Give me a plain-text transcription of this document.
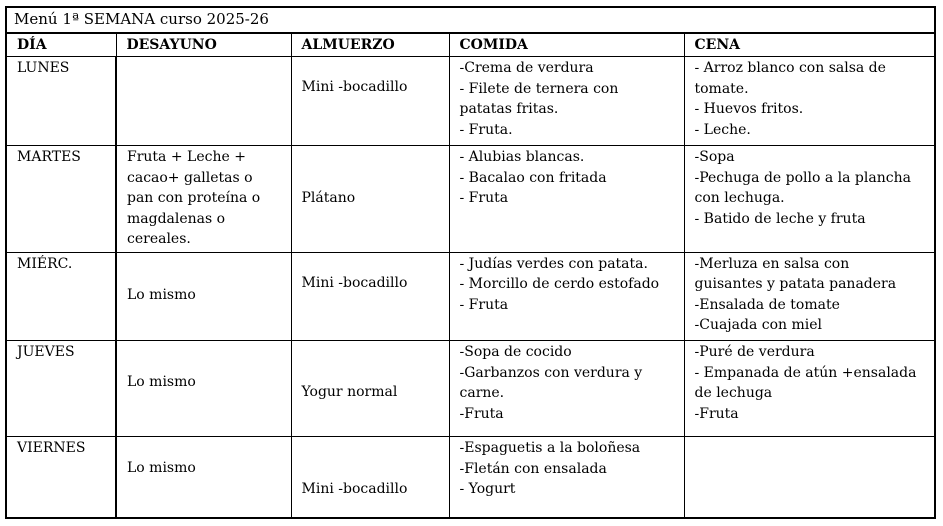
Menú 1ª SEMANA curso 2025-26				
DÍA	DESAYUNO	ALMUERZO	COMIDA	CENA
LUNES		Mini -bocadillo	-Crema de verdura
- Filete de ternera con
patatas fritas.
- Fruta.	- Arroz blanco con salsa de
tomate.
- Huevos fritos.
- Leche.

MARTES	Fruta + Leche +
cacao+ galletas o
pan con proteína o
magdalenas o
cereales.	Plátano	- Alubias blancas.
- Bacalao con fritada
- Fruta	-Sopa
-Pechuga de pollo a la plancha
con lechuga.
- Batido de leche y fruta

MIÉRC.	Lo mismo	Mini -bocadillo	- Judías verdes con patata.
- Morcillo de cerdo estofado
- Fruta	-Merluza en salsa con
guisantes y patata panadera
-Ensalada de tomate
-Cuajada con miel

JUEVES	Lo mismo	Yogur normal	-Sopa de cocido
-Garbanzos con verdura y
carne.
-Fruta	-Puré de verdura
- Empanada de atún +ensalada
de lechuga
-Fruta

VIERNES	Lo mismo	Mini -bocadillo	-Espaguetis a la boloñesa
-Fletán con ensalada
- Yogurt	
